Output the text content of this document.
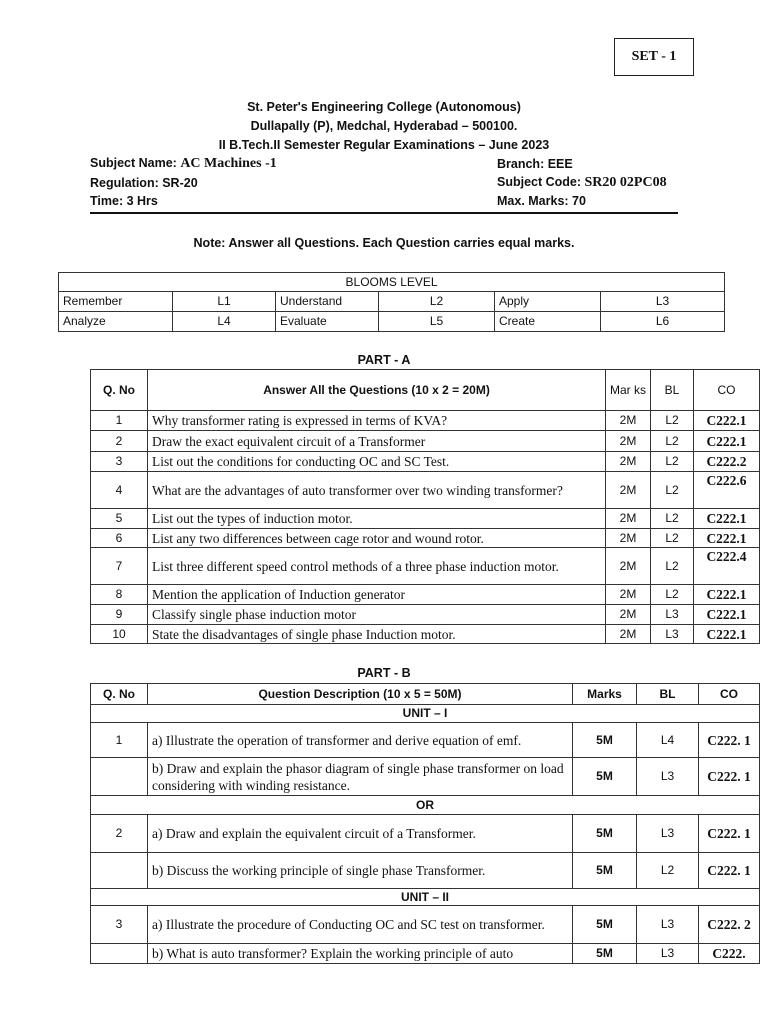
SET - 1
St. Peter's Engineering College (Autonomous)
Dullapally (P), Medchal, Hyderabad – 500100.
II B.Tech.II Semester Regular Examinations – June 2023
Subject Name: AC Machines -1	Branch: EEE
Regulation: SR-20	Subject Code: SR20 02PC08
Time: 3 Hrs	Max. Marks: 70
Note: Answer all Questions. Each Question carries equal marks.
BLOOMS LEVEL					
Remember	L1	Understand	L2	Apply	L3
Analyze	L4	Evaluate	L5	Create	L6
PART - A
Q. No	Answer All the Questions (10 x 2 = 20M)	Mar ks	BL	CO
1	Why transformer rating is expressed in terms of KVA?	2M	L2	C222.1
2	Draw the exact equivalent circuit of a Transformer	2M	L2	C222.1
3	List out the conditions for conducting OC and SC Test.	2M	L2	C222.2
4	What are the advantages of auto transformer over two winding transformer?	2M	L2	C222.6
5	List out the types of induction motor.	2M	L2	C222.1
6	List any two differences between cage rotor and wound rotor.	2M	L2	C222.1
7	List three different speed control methods of a three phase induction motor.	2M	L2	C222.4
8	Mention the application of Induction generator	2M	L2	C222.1
9	Classify single phase induction motor	2M	L3	C222.1
10	State the disadvantages of single phase Induction motor.	2M	L3	C222.1
PART - B
Q. No	Question Description (10 x 5 = 50M)	Marks	BL	CO
UNIT – I				
1	a) Illustrate the operation of transformer and derive equation of emf.	5M	L4	C222. 1
	b) Draw and explain the phasor diagram of single phase transformer on load considering with winding resistance.	5M	L3	C222. 1
OR				
2	a) Draw and explain the equivalent circuit of a Transformer.	5M	L3	C222. 1
	b) Discuss the working principle of single phase Transformer.	5M	L2	C222. 1
UNIT – II				
3	a) Illustrate the procedure of Conducting OC and SC test on transformer.	5M	L3	C222. 2
	b) What is auto transformer? Explain the working principle of auto	5M	L3	C222.
